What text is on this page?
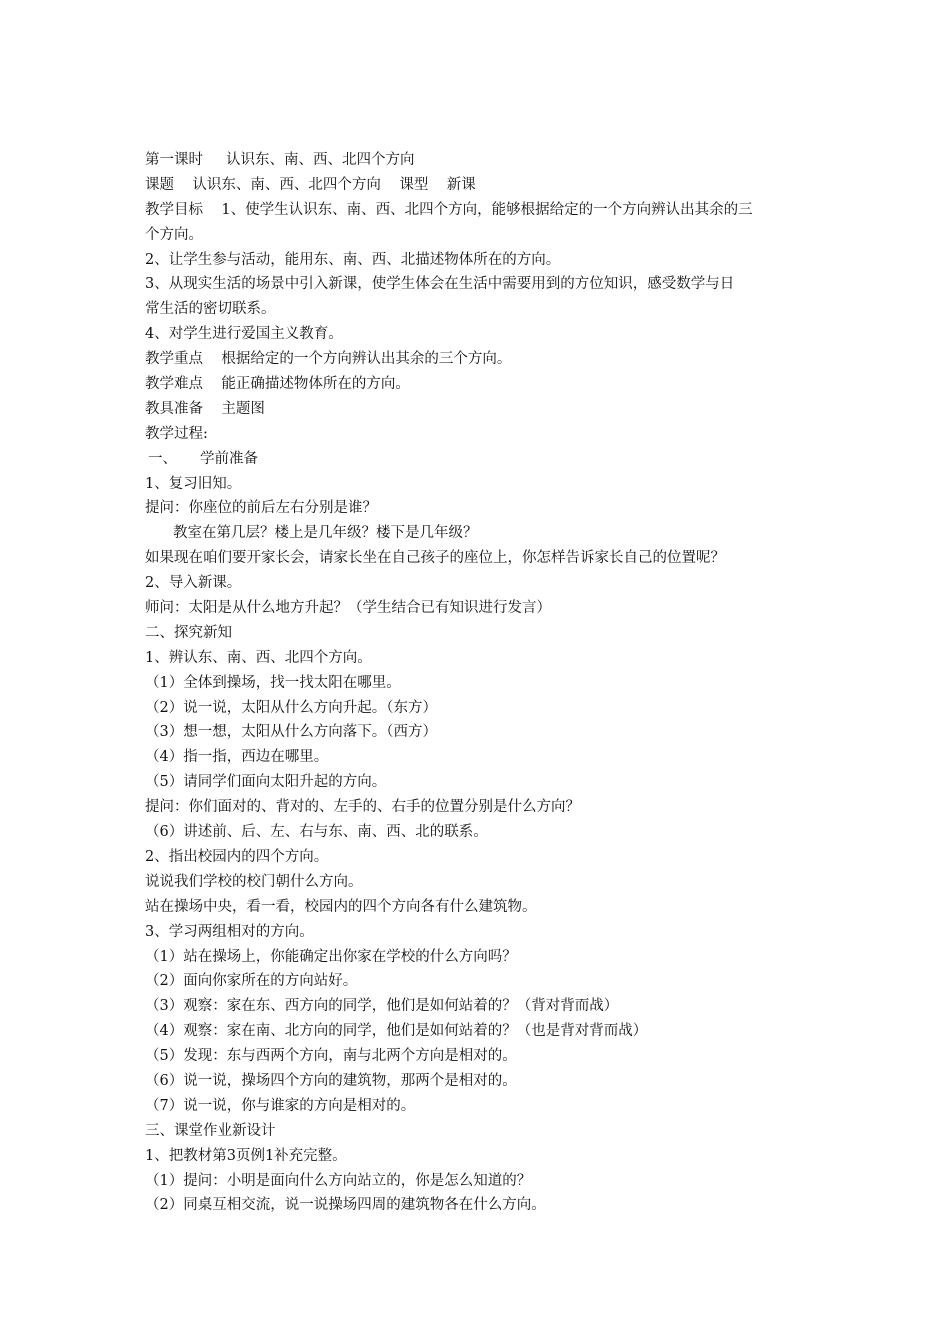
第一课时     认识东、南、西、北四个方向
课题    认识东、南、西、北四个方向    课型    新课
教学目标    1、使学生认识东、南、西、北四个方向，能够根据给定的一个方向辨认出其余的三
个方向。
2、让学生参与活动，能用东、南、西、北描述物体所在的方向。
3、从现实生活的场景中引入新课，使学生体会在生活中需要用到的方位知识，感受数学与日
常生活的密切联系。
4、对学生进行爱国主义教育。
教学重点    根据给定的一个方向辨认出其余的三个方向。
教学难点    能正确描述物体所在的方向。
教具准备    主题图
教学过程:
一、     学前准备
1、复习旧知。
提问：你座位的前后左右分别是谁？
教室在第几层？楼上是几年级？楼下是几年级？
如果现在咱们要开家长会，请家长坐在自己孩子的座位上，你怎样告诉家长自己的位置呢？
2、导入新课。
师问：太阳是从什么地方升起？（学生结合已有知识进行发言）
二、探究新知
1、辨认东、南、西、北四个方向。
（1）全体到操场，找一找太阳在哪里。
（2）说一说，太阳从什么方向升起。（东方）
（3）想一想，太阳从什么方向落下。（西方）
（4）指一指，西边在哪里。
（5）请同学们面向太阳升起的方向。
提问：你们面对的、背对的、左手的、右手的位置分别是什么方向？
（6）讲述前、后、左、右与东、南、西、北的联系。
2、指出校园内的四个方向。
说说我们学校的校门朝什么方向。
站在操场中央，看一看，校园内的四个方向各有什么建筑物。
3、学习两组相对的方向。
（1）站在操场上，你能确定出你家在学校的什么方向吗？
（2）面向你家所在的方向站好。
（3）观察：家在东、西方向的同学，他们是如何站着的？（背对背而战）
（4）观察：家在南、北方向的同学，他们是如何站着的？（也是背对背而战）
（5）发现：东与西两个方向，南与北两个方向是相对的。
（6）说一说，操场四个方向的建筑物，那两个是相对的。
（7）说一说，你与谁家的方向是相对的。
三、课堂作业新设计
1、把教材第3页例1补充完整。
（1）提问：小明是面向什么方向站立的，你是怎么知道的？
（2）同桌互相交流，说一说操场四周的建筑物各在什么方向。
